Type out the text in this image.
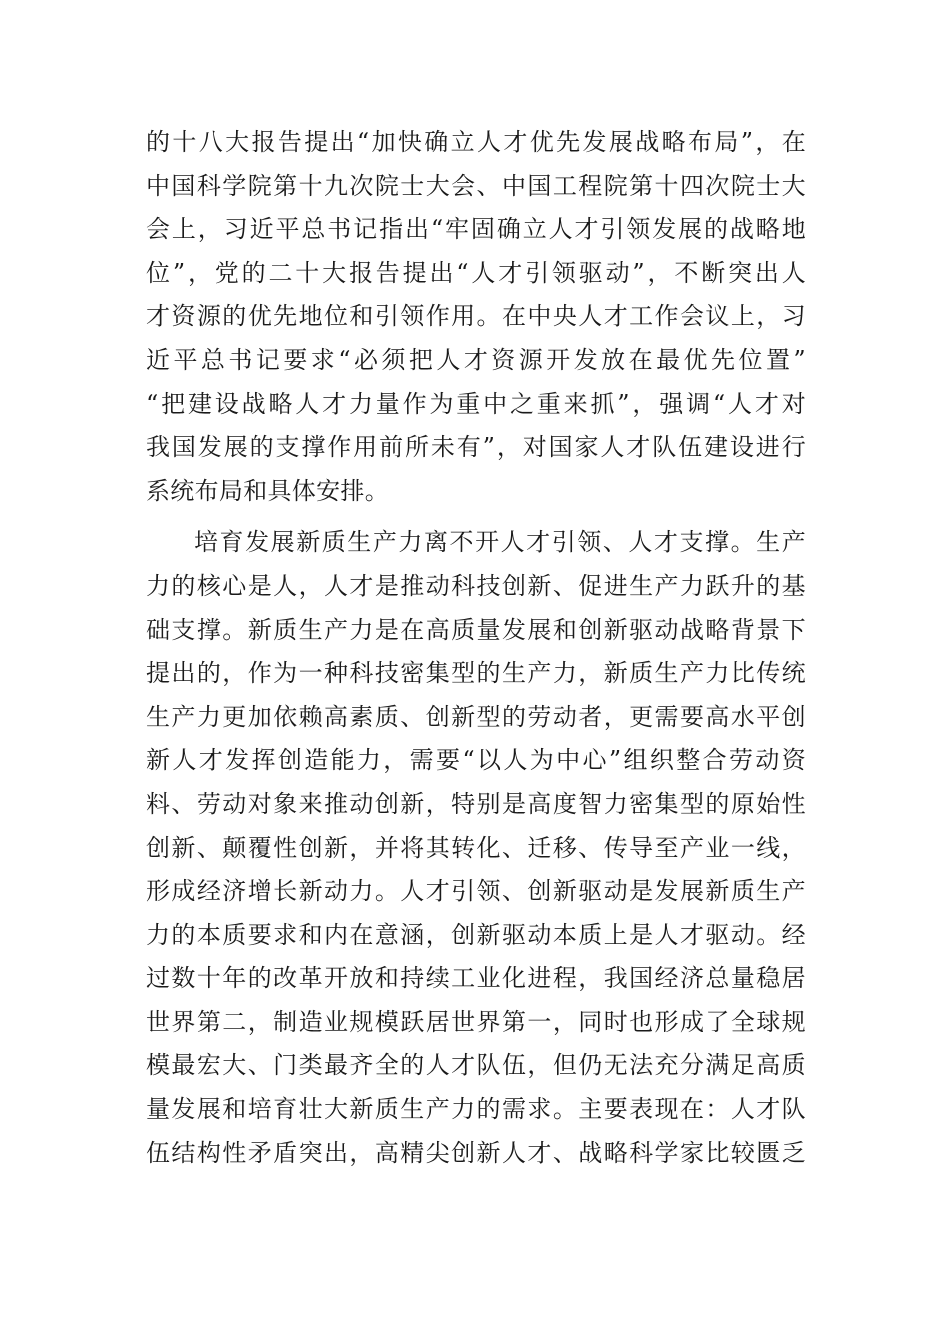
的十八大报告提出“加快确立人才优先发展战略布局”，在
中国科学院第十九次院士大会、中国工程院第十四次院士大
会上，习近平总书记指出“牢固确立人才引领发展的战略地
位”，党的二十大报告提出“人才引领驱动”，不断突出人
才资源的优先地位和引领作用。在中央人才工作会议上，习
近平总书记要求“必须把人才资源开发放在最优先位置”
“把建设战略人才力量作为重中之重来抓”，强调“人才对
我国发展的支撑作用前所未有”，对国家人才队伍建设进行
系统布局和具体安排。
培育发展新质生产力离不开人才引领、人才支撑。生产
力的核心是人，人才是推动科技创新、促进生产力跃升的基
础支撑。新质生产力是在高质量发展和创新驱动战略背景下
提出的，作为一种科技密集型的生产力，新质生产力比传统
生产力更加依赖高素质、创新型的劳动者，更需要高水平创
新人才发挥创造能力，需要“以人为中心”组织整合劳动资
料、劳动对象来推动创新，特别是高度智力密集型的原始性
创新、颠覆性创新，并将其转化、迁移、传导至产业一线，
形成经济增长新动力。人才引领、创新驱动是发展新质生产
力的本质要求和内在意涵，创新驱动本质上是人才驱动。经
过数十年的改革开放和持续工业化进程，我国经济总量稳居
世界第二，制造业规模跃居世界第一，同时也形成了全球规
模最宏大、门类最齐全的人才队伍，但仍无法充分满足高质
量发展和培育壮大新质生产力的需求。主要表现在：人才队
伍结构性矛盾突出，高精尖创新人才、战略科学家比较匮乏
